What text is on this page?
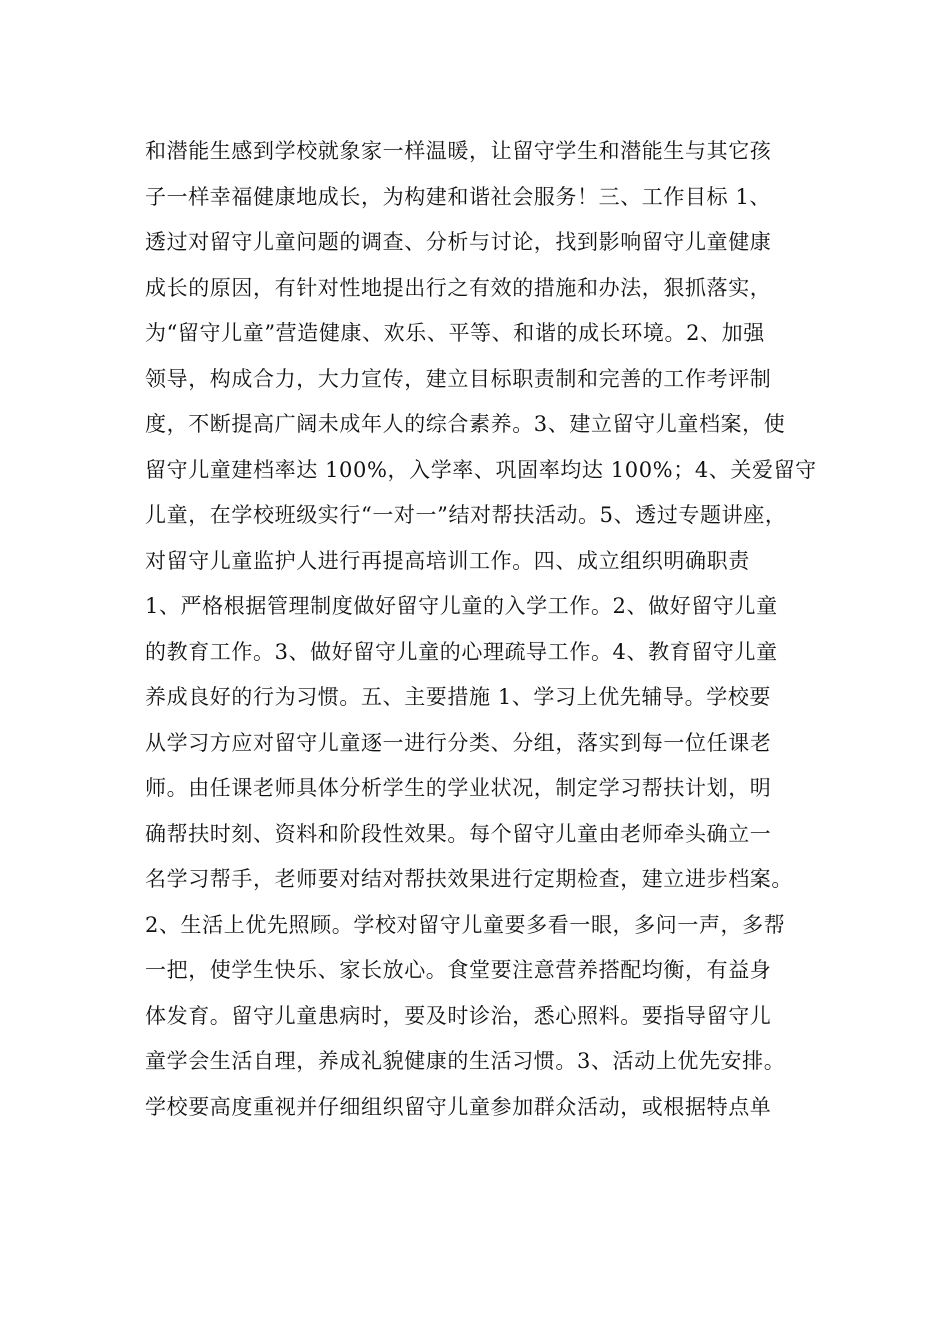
和潜能生感到学校就象家一样温暖，让留守学生和潜能生与其它孩
子一样幸福健康地成长，为构建和谐社会服务！三、工作目标 1、
透过对留守儿童问题的调查、分析与讨论，找到影响留守儿童健康
成长的原因，有针对性地提出行之有效的措施和办法，狠抓落实，
为“留守儿童”营造健康、欢乐、平等、和谐的成长环境。2、加强
领导，构成合力，大力宣传，建立目标职责制和完善的工作考评制
度，不断提高广阔未成年人的综合素养。3、建立留守儿童档案，使
留守儿童建档率达 100%，入学率、巩固率均达 100%；4、关爱留守
儿童，在学校班级实行“一对一”结对帮扶活动。5、透过专题讲座，
对留守儿童监护人进行再提高培训工作。四、成立组织明确职责
1、严格根据管理制度做好留守儿童的入学工作。2、做好留守儿童
的教育工作。3、做好留守儿童的心理疏导工作。4、教育留守儿童
养成良好的行为习惯。五、主要措施 1、学习上优先辅导。学校要
从学习方应对留守儿童逐一进行分类、分组，落实到每一位任课老
师。由任课老师具体分析学生的学业状况，制定学习帮扶计划，明
确帮扶时刻、资料和阶段性效果。每个留守儿童由老师牵头确立一
名学习帮手，老师要对结对帮扶效果进行定期检查，建立进步档案。
2、生活上优先照顾。学校对留守儿童要多看一眼，多问一声，多帮
一把，使学生快乐、家长放心。食堂要注意营养搭配均衡，有益身
体发育。留守儿童患病时，要及时诊治，悉心照料。要指导留守儿
童学会生活自理，养成礼貌健康的生活习惯。3、活动上优先安排。
学校要高度重视并仔细组织留守儿童参加群众活动，或根据特点单
